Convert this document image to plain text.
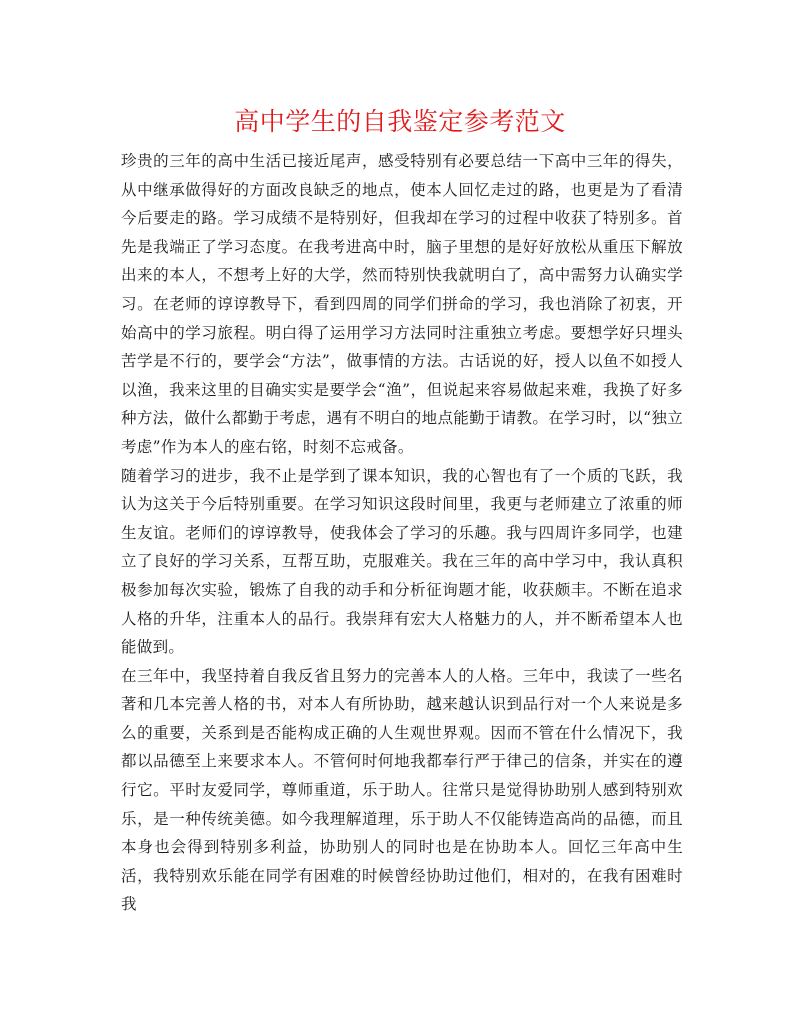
高中学生的自我鉴定参考范文

珍贵的三年的高中生活已接近尾声，感受特别有必要总结一下高中三年的得失，从中继承做得好的方面改良缺乏的地点，使本人回忆走过的路，也更是为了看清今后要走的路。学习成绩不是特别好，但我却在学习的过程中收获了特别多。首先是我端正了学习态度。在我考进高中时，脑子里想的是好好放松从重压下解放出来的本人，不想考上好的大学，然而特别快我就明白了，高中需努力认确实学习。在老师的谆谆教导下，看到四周的同学们拼命的学习，我也消除了初衷，开始高中的学习旅程。明白得了运用学习方法同时注重独立考虑。要想学好只埋头苦学是不行的，要学会“方法”，做事情的方法。古话说的好，授人以鱼不如授人以渔，我来这里的目确实实是要学会“渔”，但说起来容易做起来难，我换了好多种方法，做什么都勤于考虑，遇有不明白的地点能勤于请教。在学习时，以“独立考虑”作为本人的座右铭，时刻不忘戒备。

随着学习的进步，我不止是学到了课本知识，我的心智也有了一个质的飞跃，我认为这关于今后特别重要。在学习知识这段时间里，我更与老师建立了浓重的师生友谊。老师们的谆谆教导，使我体会了学习的乐趣。我与四周许多同学，也建立了良好的学习关系，互帮互助，克服难关。我在三年的高中学习中，我认真积极参加每次实验，锻炼了自我的动手和分析征询题才能，收获颇丰。不断在追求人格的升华，注重本人的品行。我崇拜有宏大人格魅力的人，并不断希望本人也能做到。

在三年中，我坚持着自我反省且努力的完善本人的人格。三年中，我读了一些名著和几本完善人格的书，对本人有所协助，越来越认识到品行对一个人来说是多么的重要，关系到是否能构成正确的人生观世界观。因而不管在什么情况下，我都以品德至上来要求本人。不管何时何地我都奉行严于律己的信条，并实在的遵行它。平时友爱同学，尊师重道，乐于助人。往常只是觉得协助别人感到特别欢乐，是一种传统美德。如今我理解道理，乐于助人不仅能铸造高尚的品德，而且本身也会得到特别多利益，协助别人的同时也是在协助本人。回忆三年高中生活，我特别欢乐能在同学有困难的时候曾经协助过他们，相对的，在我有困难时我
